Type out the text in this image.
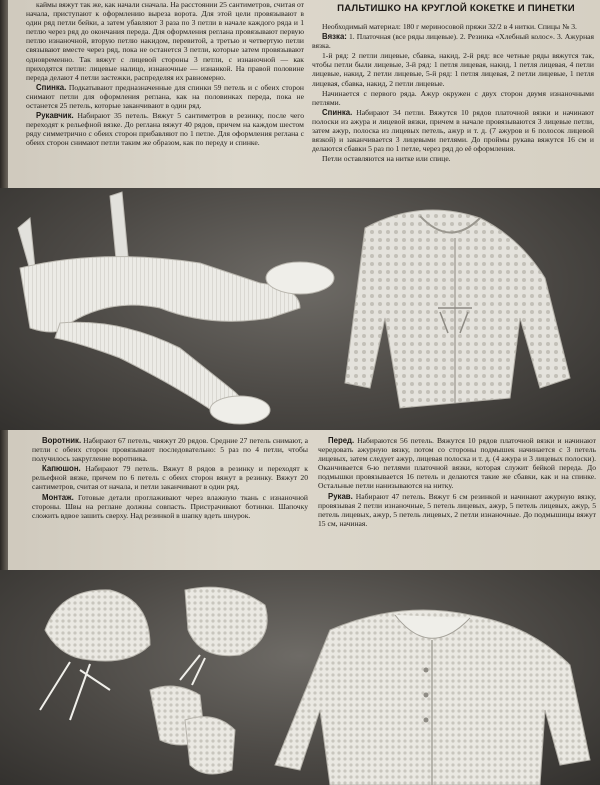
каймы вяжут так же, как начали сначала. На расстоянии 25 сантиметров, считая от начала, приступают к оформлению выреза ворота. Для этой цели провязывают в один ряд петли бейки, а затем убавляют 3 раза по 3 петли в начале каждого ряда и 1 петлю через ряд до окончания переда. Для оформления реглана провязывают первую петлю изнаночной, вторую петлю накидом, перевитой, а третью и четвертую петли связывают вместе через ряд, пока не останется 3 петли, которые затем провязывают одновременно. Так вяжут с лицевой стороны 3 петли, с изнаночной — как приходятся петли: лицевые налицо, изнаночные — изнанкой. На правой половине переда делают 4 петли застежки, распределяя их равномерно.

Спинка. Подкатывают предназначенные для спинки 59 петель и с обеих сторон снимают петли для оформления реглана, как на половинках переда, пока не останется 25 петель, которые заканчивают в один ряд.

Рукавчик. Набирают 35 петель. Вяжут 5 сантиметров в резинку, после чего переходят к рельефной вязке. До реглана вяжут 40 рядов, причем на каждом шестом ряду симметрично с обеих сторон прибавляют по 1 петле. Для оформления реглана с обеих сторон снимают петли таким же образом, как по переду и спинке.

ПАЛЬТИШКО НА КРУГЛОЙ КОКЕТКЕ И ПИНЕТКИ

Необходимый материал: 180 г мериносовой пряжи 32/2 в 4 нитки. Спицы № 3.

Вязка: 1. Платочная (все ряды лицевые). 2. Резинка «Хлебный колос». 3. Ажурная вязка.

1-й ряд: 2 петли лицевые, сбавка, накид, 2-й ряд: все четные ряды вяжутся так, чтобы петли были лицевые, 3-й ряд: 1 петля лицевая, накид, 1 петля лицевая, 4 петли лицевые, накид, 2 петли лицевые, 5-й ряд: 1 петля лицевая, 2 петли лицевые, 1 петля лицевая, сбавка, накид, 2 петли лицевые.

Начинается с первого ряда. Ажур окружен с двух сторон двумя изнаночными петлями.

Спинка. Набирают 34 петли. Вяжутся 10 рядов платочной вязки и начинают полоски из ажура и лицевой вязки, причем в начале провязываются 3 лицевые петли, затем ажур, полоска из лицевых петель, ажур и т. д. (7 ажуров и 6 полосок лицевой вязкой) и заканчивается 3 лицевыми петлями. До проймы рукава вяжутся 16 см и делаются сбавки 5 раз по 1 петле, через ряд до её оформления.

Петли оставляются на нитке или спице.

Воротник. Набирают 67 петель, чвяжут 20 рядов. Средние 27 петель снимают, а петли с обеих сторон провязывают последовательно: 5 раз по 4 петли, чтобы получилось закругление воротника.

Капюшон. Набирают 79 петель. Вяжут 8 рядов в резинку и переходят к рельефной вязке, причем по 6 петель с обеих сторон вяжут в резинку. Вяжут 20 сантиметров, считая от начала, и петли заканчивают в один ряд.

Монтаж. Готовые детали проглаживают через влажную ткань с изнаночной стороны. Швы на реглане должны совпасть. Пристрачивают ботинки. Шапочку сложить вдвое зашить сверху. Над резинкой в шапку вдеть шнурок.

Перед. Набираются 56 петель. Вяжутся 10 рядов платочной вязки и начинают чередовать ажурную вязку, потом со стороны подмышек начинается с 3 петель лицевых, затем следует ажур, лицевая полоска и т. д. (4 ажура и 3 лицевых полоски). Оканчивается 6-ю петлями платочной вязки, которая служит бейкой переда. До подмышки провязывается 16 петель и делаются такие же сбавки, как и на спинке. Остальные петли нанизываются на нитку.

Рукав. Набирают 47 петель. Вяжут 6 см резинкой и начинают ажурную вязку, провязывая 2 петли изнаночные, 5 петель лицевых, ажур, 5 петель лицевых, ажур, 5 петель лицевых, ажур, 5 петель лицевых, 2 петли изнаночные. До подмышицы вяжут 15 см, начиная.
